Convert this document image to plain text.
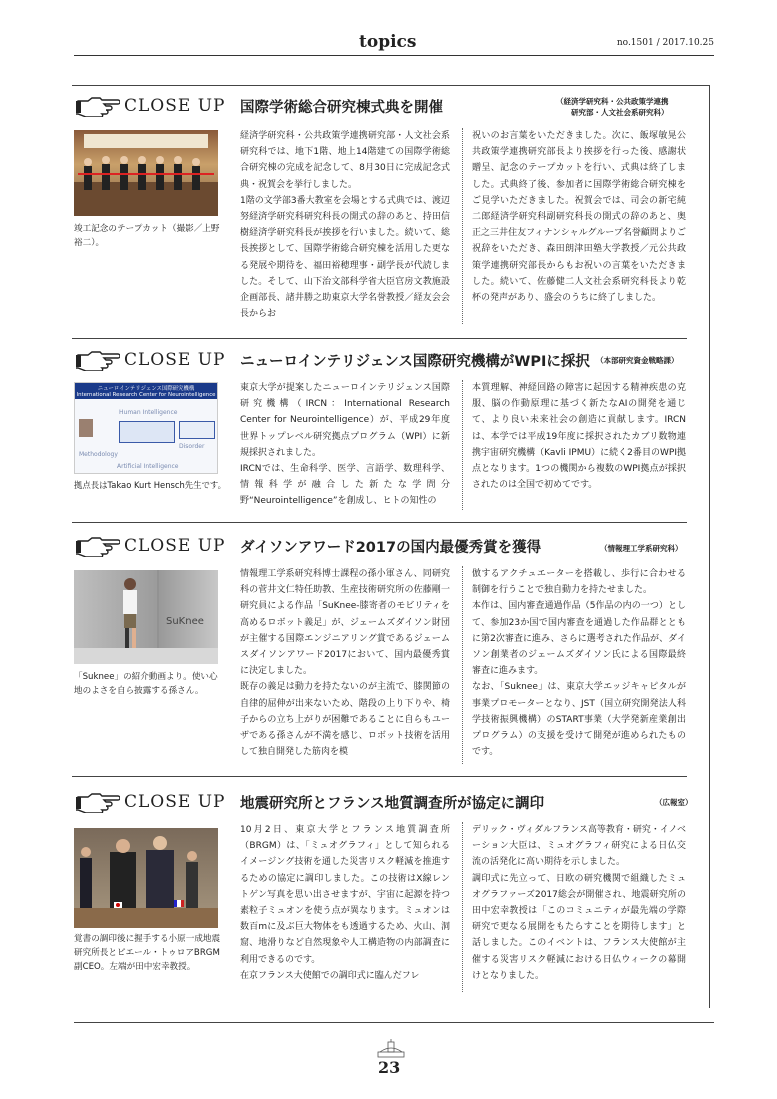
topics	no.1501 / 2017.10.25
CLOSE UP 国際学術総合研究棟式典を開催	（経済学研究科・公共政策学連携
研究部・人文社会系研究科）
竣工記念のテープカット（撮影／上野裕二）。
経済学研究科・公共政策学連携研究部・人文社会系研究科では、地下1階、地上14階建ての国際学術総合研究棟の完成を記念して、8月30日に完成記念式典・祝賀会を挙行しました。
1階の文学部3番大教室を会場とする式典では、渡辺努経済学研究科研究科長の開式の辞のあと、持田信樹経済学研究科長が挨拶を行いました。続いて、総長挨拶として、国際学術総合研究棟を活用した更なる発展や期待を、福田裕穂理事・副学長が代読しました。そして、山下治文部科学省大臣官房文教施設企画部長、諸井勝之助東京大学名誉教授／経友会会長からお
祝いのお言葉をいただきました。次に、飯塚敏晃公共政策学連携研究部長より挨拶を行った後、感謝状贈呈、記念のテープカットを行い、式典は終了しました。式典終了後、参加者に国際学術総合研究棟をご見学いただきました。祝賀会では、司会の新宅純二郎経済学研究科副研究科長の開式の辞のあと、奥正之三井住友フィナンシャルグループ名誉顧問よりご祝辞をいただき、森田朗津田塾大学教授／元公共政策学連携研究部長からもお祝いの言葉をいただきました。続いて、佐藤健二人文社会系研究科長より乾杯の発声があり、盛会のうちに終了しました。
CLOSE UP ニューロインテリジェンス国際研究機構がWPIに採択 （本部研究資金戦略課）
ニューロインテリジェンス国際研究機構
International Research Center for Neurointelligence
Human Intelligence
Disorder
Methodology
Artificial Intelligence
拠点長はTakao Kurt Hensch先生です。
東京大学が提案したニューロインテリジェンス国際研究機構（IRCN：International Research Center for Neurointelligence）が、平成29年度世界トップレベル研究拠点プログラム（WPI）に新規採択されました。
IRCNでは、生命科学、医学、言語学、数理科学、情報科学が融合した新たな学問分野“Neurointelligence”を創成し、ヒトの知性の
本質理解、神経回路の障害に起因する精神疾患の克服、脳の作動原理に基づく新たなAIの開発を通じて、より良い未来社会の創造に貢献します。IRCNは、本学では平成19年度に採択されたカブリ数物連携宇宙研究機構（Kavli IPMU）に続く2番目のWPI拠点となります。1つの機関から複数のWPI拠点が採択されたのは全国で初めてです。
CLOSE UP ダイソンアワード2017の国内最優秀賞を獲得	（情報理工学系研究科）
SuKnee
「Suknee」の紹介動画より。使い心地のよさを自ら披露する孫さん。
情報理工学系研究科博士課程の孫小軍さん、同研究科の菅井文仁特任助教、生産技術研究所の佐藤剛一研究員による作品「SuKnee-膝寄者のモビリティを高めるロボット義足」が、ジェームズダイソン財団が主催する国際エンジニアリング賞であるジェームスダイソンアワード2017において、国内最優秀賞に決定しました。
既存の義足は動力を持たないのが主流で、膝関節の自律的屈伸が出来ないため、階段の上り下りや、椅子からの立ち上がりが困難であることに自らもユーザである孫さんが不満を感じ、ロボット技術を活用して独自開発した筋肉を模
倣するアクチュエーターを搭載し、歩行に合わせる制御を行うことで独自動力を持たせました。
本作は、国内審査通過作品（5作品の内の一つ）として、参加23か国で国内審査を通過した作品群とともに第2次審査に進み、さらに選考された作品が、ダイソン創業者のジェームズダイソン氏による国際最終審査に進みます。
なお、「Suknee」は、東京大学エッジキャピタルが事業プロモーターとなり、JST（国立研究開発法人科学技術振興機構）のSTART事業（大学発新産業創出プログラム）の支援を受けて開発が進められたものです。
CLOSE UP 地震研究所とフランス地質調査所が協定に調印	（広報室）
覚書の調印後に握手する小原一成地震研究所長とピエール・トゥロアBRGM副CEO。左端が田中宏幸教授。
10月2日、東京大学とフランス地質調査所（BRGM）は、「ミュオグラフィ」として知られるイメージング技術を通した災害リスク軽減を推進するための協定に調印しました。この技術はX線レントゲン写真を思い出させますが、宇宙に起源を持つ素粒子ミュオンを使う点が異なります。ミュオンは数百mに及ぶ巨大物体をも透過するため、火山、洞窟、地滑りなど自然現象や人工構造物の内部調査に利用できるのです。
在京フランス大使館での調印式に臨んだフレ
デリック・ヴィダルフランス高等教育・研究・イノベーション大臣は、ミュオグラフィ研究による日仏交流の活発化に高い期待を示しました。
調印式に先立って、日欧の研究機関で組織したミュオグラファーズ2017総会が開催され、地震研究所の田中宏幸教授は「このコミュニティが最先端の学際研究で更なる展開をもたらすことを期待します」と話しました。このイベントは、フランス大使館が主催する災害リスク軽減における日仏ウィークの幕開けとなりました。
23
